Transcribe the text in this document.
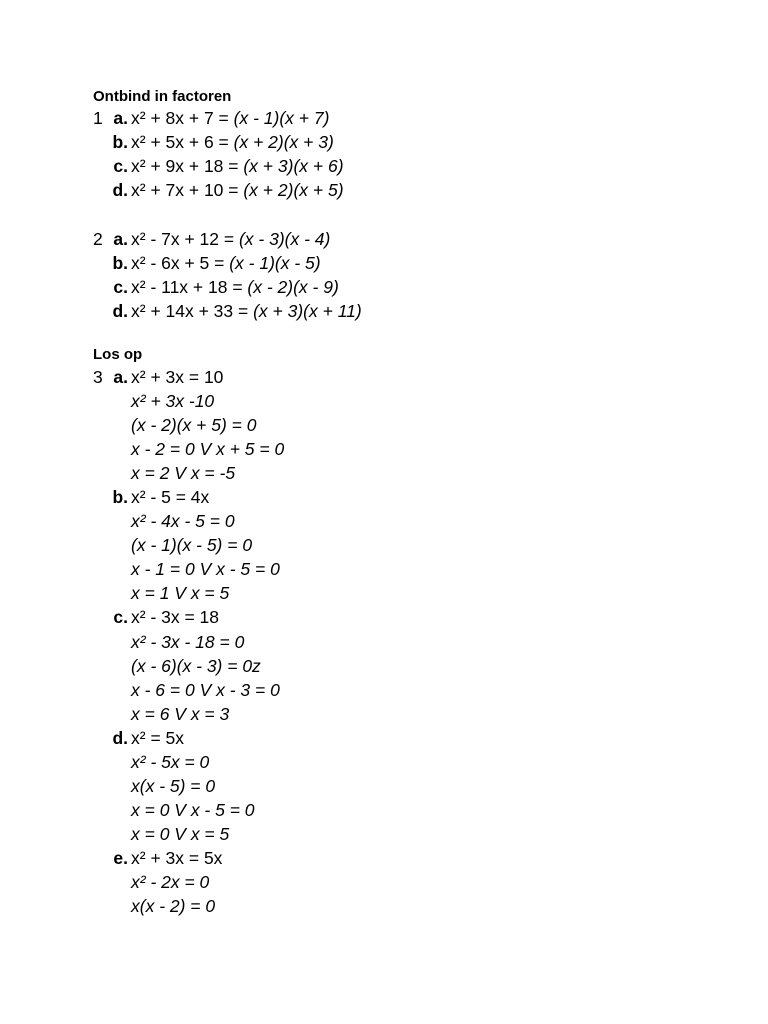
Ontbind in factoren
1 a. x² + 8x + 7 = (x - 1)(x + 7)
b. x² + 5x + 6 = (x + 2)(x + 3)
c. x² + 9x + 18 = (x + 3)(x + 6)
d. x² + 7x + 10 = (x + 2)(x + 5)
2 a. x² - 7x + 12 = (x - 3)(x - 4)
b. x² - 6x + 5 = (x - 1)(x - 5)
c. x² - 11x + 18 = (x - 2)(x - 9)
d. x² + 14x + 33 = (x + 3)(x + 11)
Los op
3 a. x² + 3x = 10
x² + 3x -10
(x - 2)(x + 5) = 0
x - 2 = 0 V x + 5 = 0
x = 2 V x = -5
b. x² - 5 = 4x
x² - 4x - 5 = 0
(x - 1)(x - 5) = 0
x - 1 = 0 V x - 5 = 0
x = 1 V x = 5
c. x² - 3x = 18
x² - 3x - 18 = 0
(x - 6)(x - 3) = 0z
x - 6 = 0 V x - 3 = 0
x = 6 V x = 3
d. x² = 5x
x² - 5x = 0
x(x - 5) = 0
x = 0 V x - 5 = 0
x = 0 V x = 5
e. x² + 3x = 5x
x² - 2x = 0
x(x - 2) = 0
